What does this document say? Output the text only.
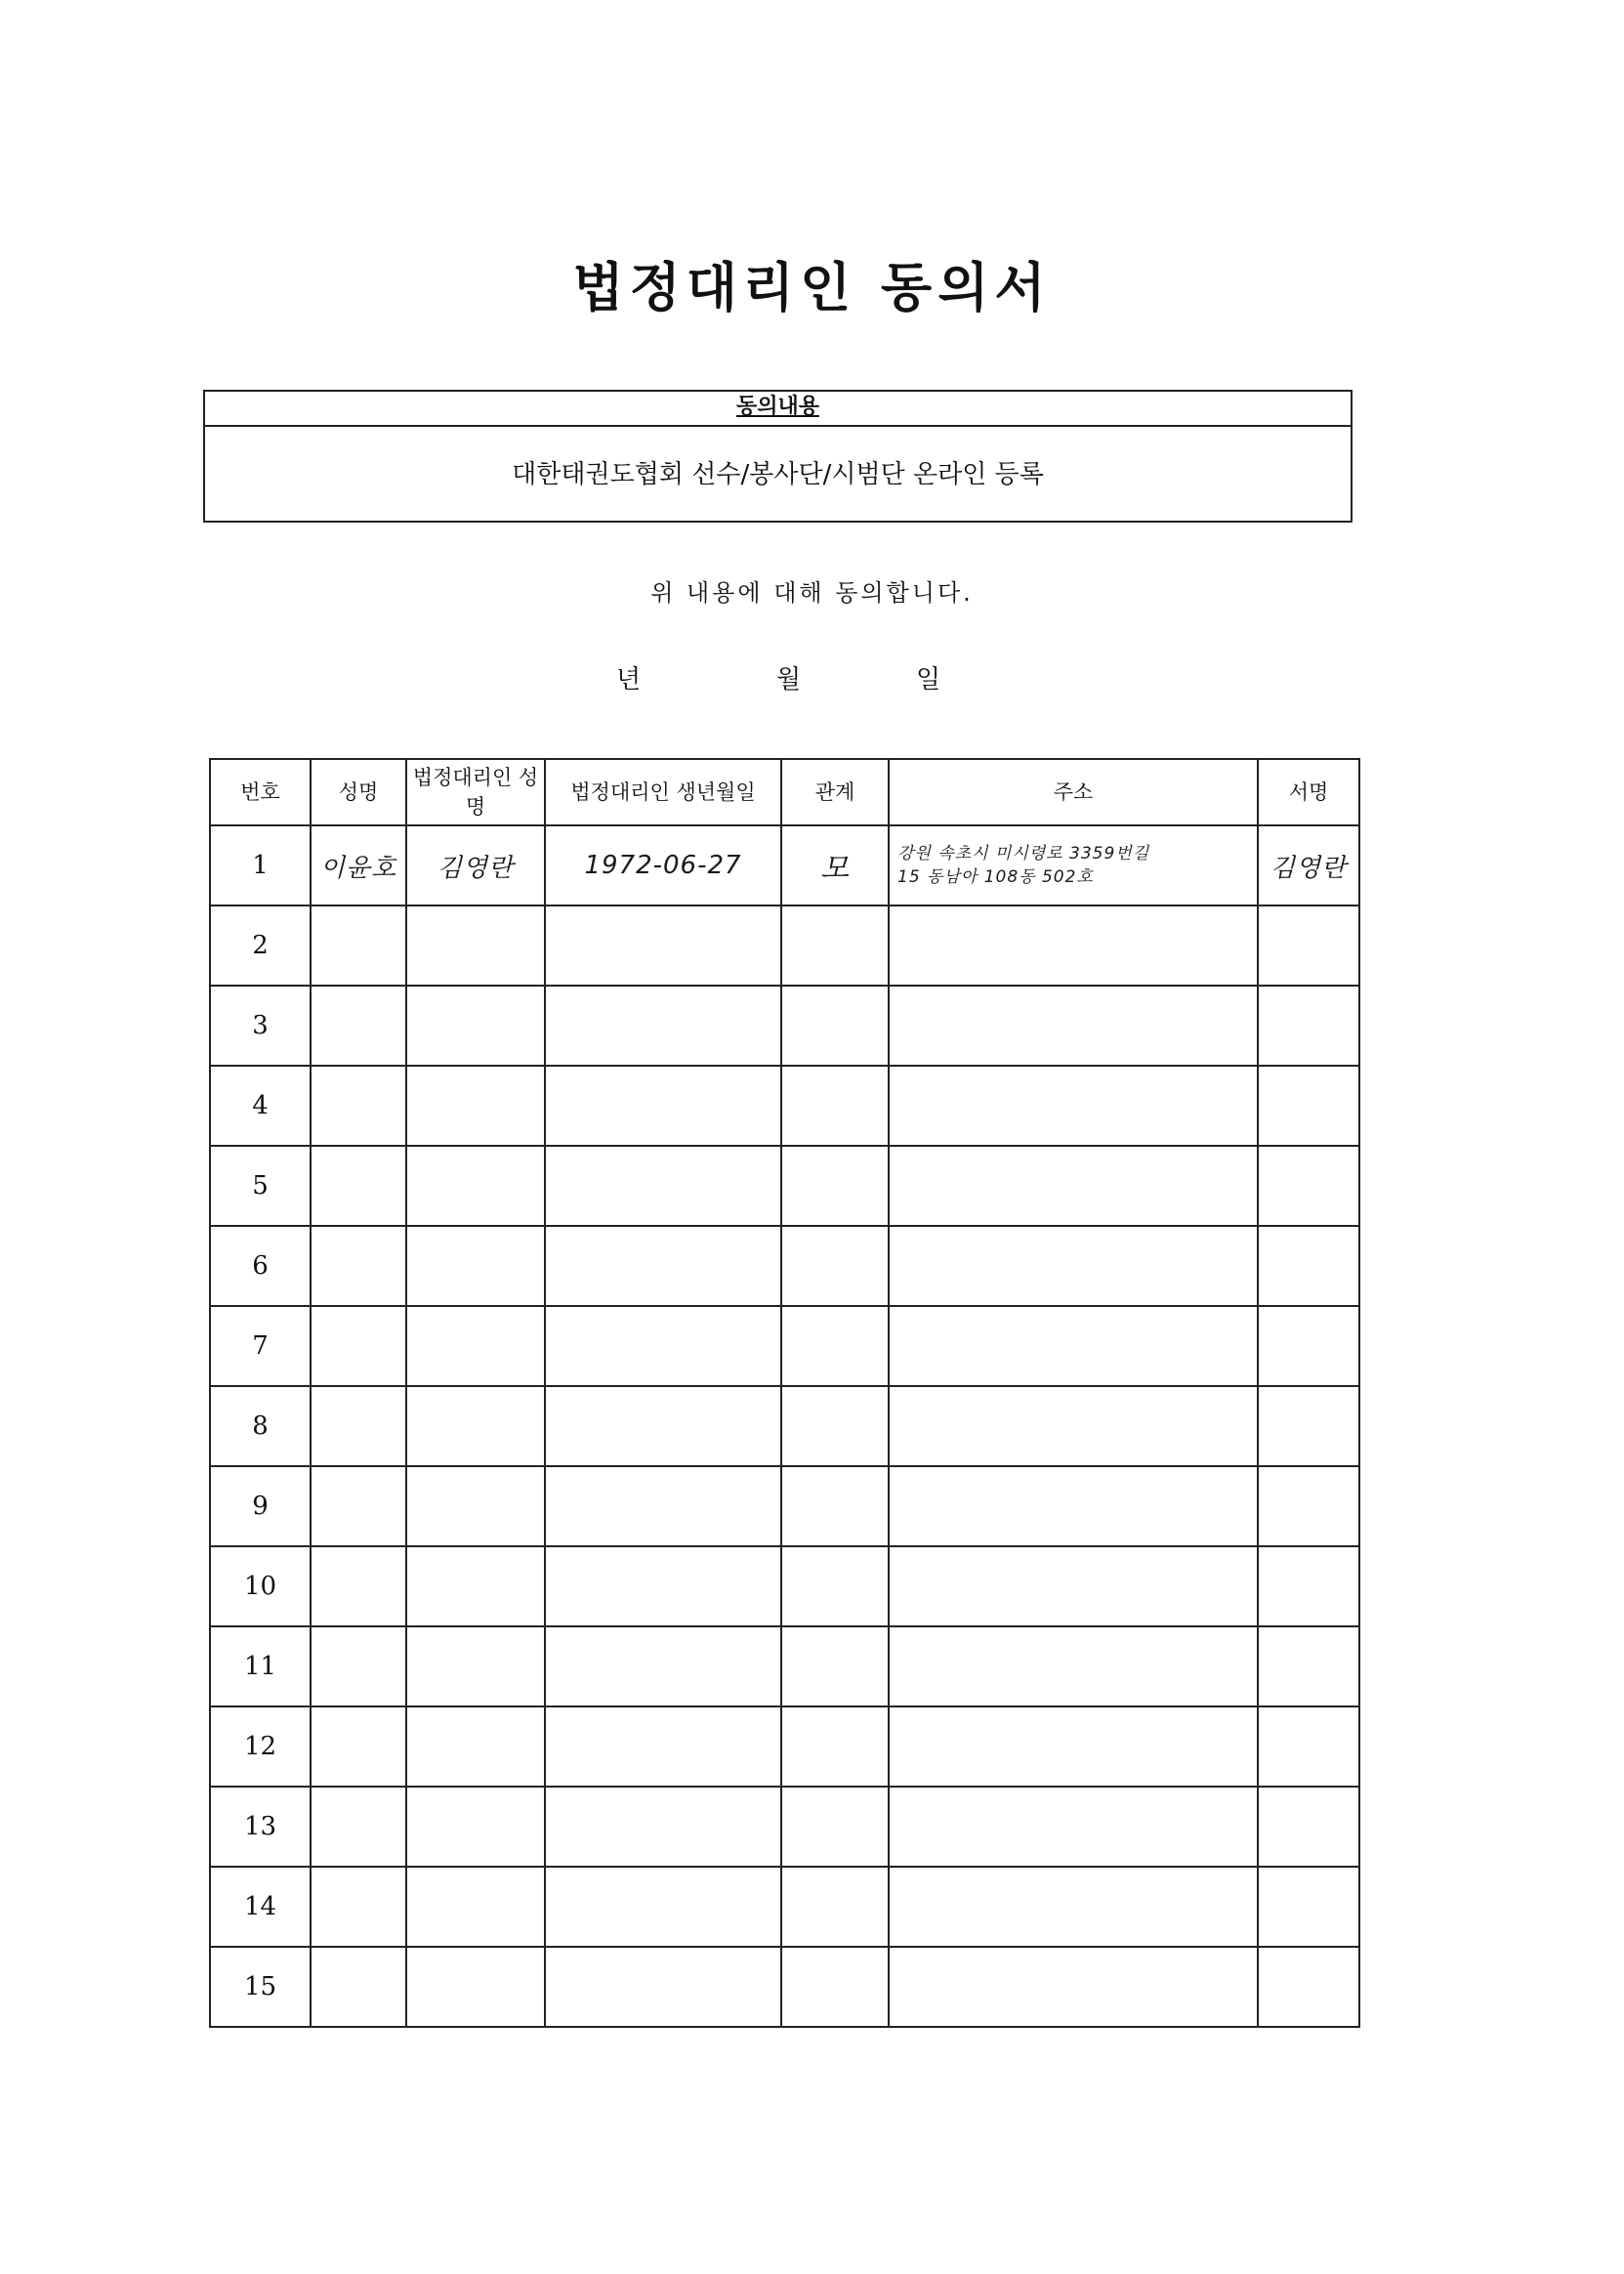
법정대리인 동의서
동의내용
대한태권도협회 선수/봉사단/시범단 온라인 등록
위 내용에 대해 동의합니다.
년	월	일
번호	성명	법정대리인 성명	법정대리인 생년월일	관계	주소	서명
1	이윤호	김영란	1972-06-27	모	강원 속초시 미시령로 3359번길
15 동남아 108동 502호	김영란
2					

3					

4					

5					

6					

7					

8					

9					

10					

11					

12					

13					

14					

15					
